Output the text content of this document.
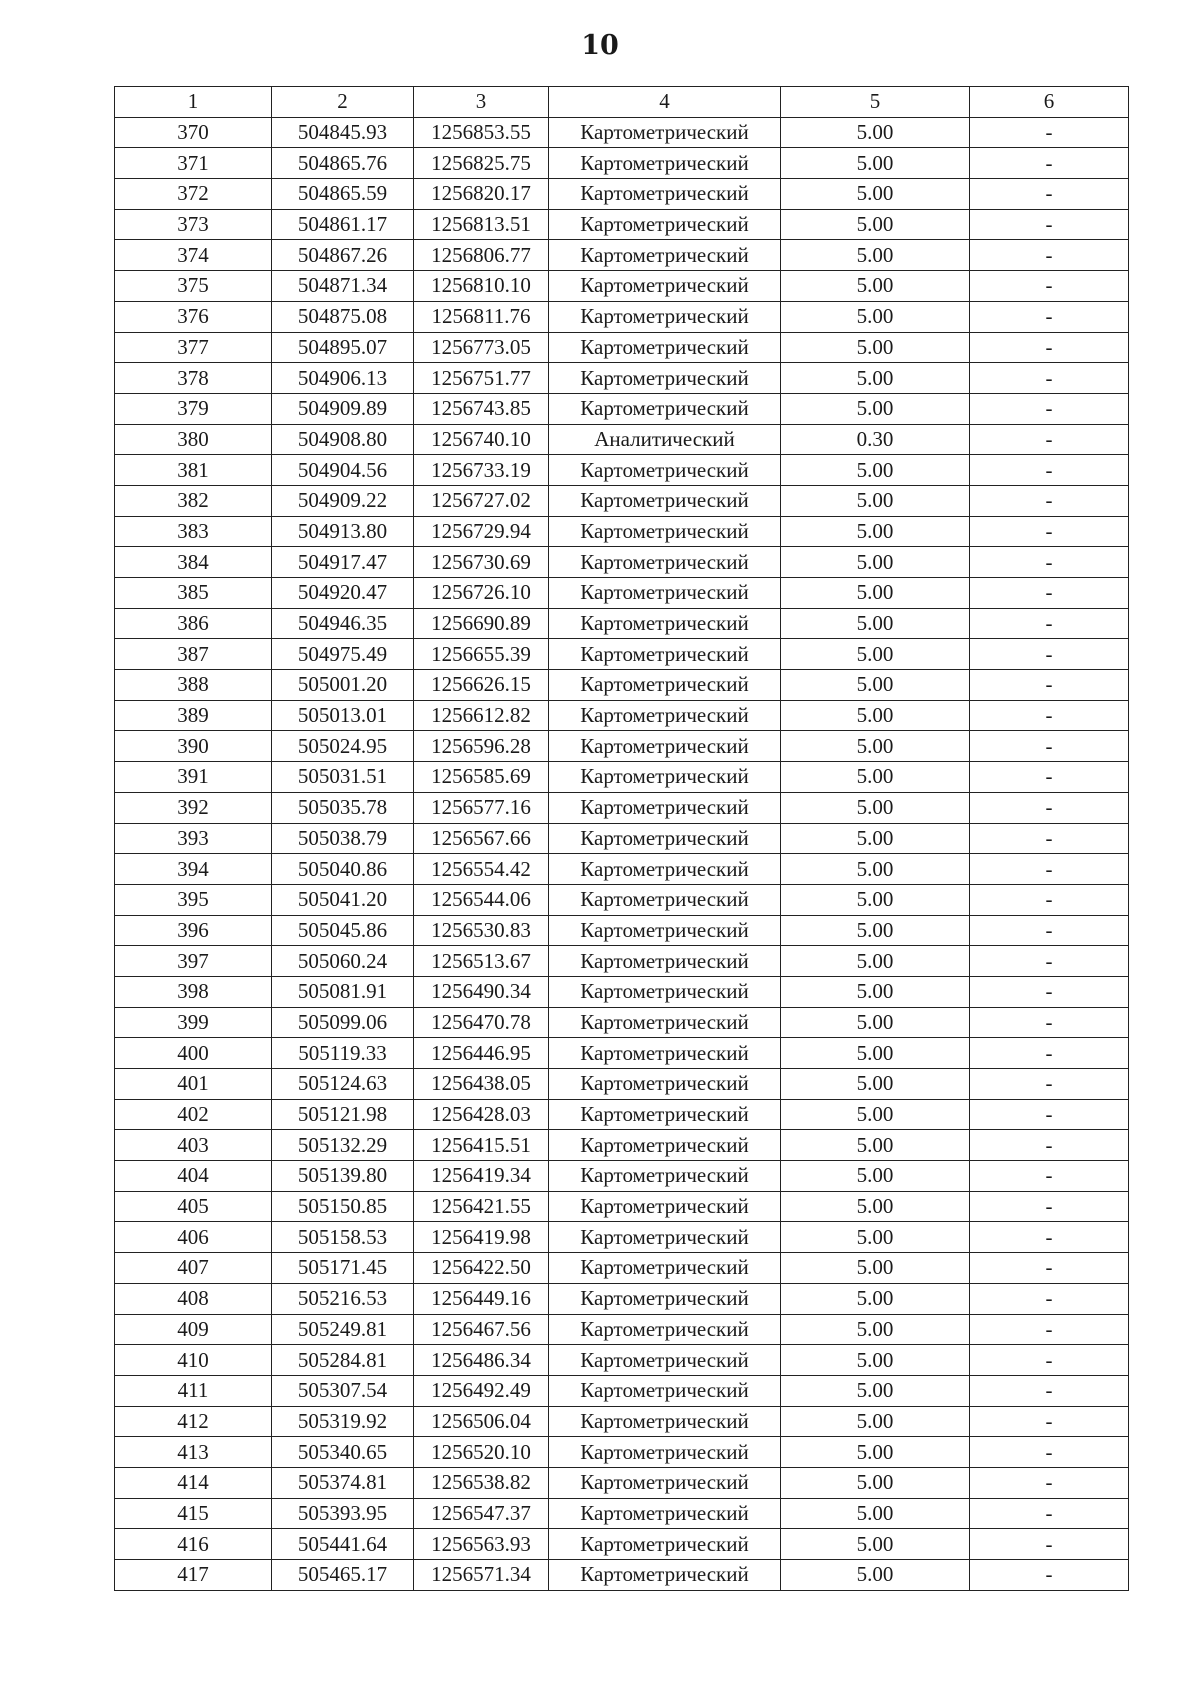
10
1	2	3	4	5	6
370	504845.93	1256853.55	Картометрический	5.00	-
371	504865.76	1256825.75	Картометрический	5.00	-
372	504865.59	1256820.17	Картометрический	5.00	-
373	504861.17	1256813.51	Картометрический	5.00	-
374	504867.26	1256806.77	Картометрический	5.00	-
375	504871.34	1256810.10	Картометрический	5.00	-
376	504875.08	1256811.76	Картометрический	5.00	-
377	504895.07	1256773.05	Картометрический	5.00	-
378	504906.13	1256751.77	Картометрический	5.00	-
379	504909.89	1256743.85	Картометрический	5.00	-
380	504908.80	1256740.10	Аналитический	0.30	-
381	504904.56	1256733.19	Картометрический	5.00	-
382	504909.22	1256727.02	Картометрический	5.00	-
383	504913.80	1256729.94	Картометрический	5.00	-
384	504917.47	1256730.69	Картометрический	5.00	-
385	504920.47	1256726.10	Картометрический	5.00	-
386	504946.35	1256690.89	Картометрический	5.00	-
387	504975.49	1256655.39	Картометрический	5.00	-
388	505001.20	1256626.15	Картометрический	5.00	-
389	505013.01	1256612.82	Картометрический	5.00	-
390	505024.95	1256596.28	Картометрический	5.00	-
391	505031.51	1256585.69	Картометрический	5.00	-
392	505035.78	1256577.16	Картометрический	5.00	-
393	505038.79	1256567.66	Картометрический	5.00	-
394	505040.86	1256554.42	Картометрический	5.00	-
395	505041.20	1256544.06	Картометрический	5.00	-
396	505045.86	1256530.83	Картометрический	5.00	-
397	505060.24	1256513.67	Картометрический	5.00	-
398	505081.91	1256490.34	Картометрический	5.00	-
399	505099.06	1256470.78	Картометрический	5.00	-
400	505119.33	1256446.95	Картометрический	5.00	-
401	505124.63	1256438.05	Картометрический	5.00	-
402	505121.98	1256428.03	Картометрический	5.00	-
403	505132.29	1256415.51	Картометрический	5.00	-
404	505139.80	1256419.34	Картометрический	5.00	-
405	505150.85	1256421.55	Картометрический	5.00	-
406	505158.53	1256419.98	Картометрический	5.00	-
407	505171.45	1256422.50	Картометрический	5.00	-
408	505216.53	1256449.16	Картометрический	5.00	-
409	505249.81	1256467.56	Картометрический	5.00	-
410	505284.81	1256486.34	Картометрический	5.00	-
411	505307.54	1256492.49	Картометрический	5.00	-
412	505319.92	1256506.04	Картометрический	5.00	-
413	505340.65	1256520.10	Картометрический	5.00	-
414	505374.81	1256538.82	Картометрический	5.00	-
415	505393.95	1256547.37	Картометрический	5.00	-
416	505441.64	1256563.93	Картометрический	5.00	-
417	505465.17	1256571.34	Картометрический	5.00	-
